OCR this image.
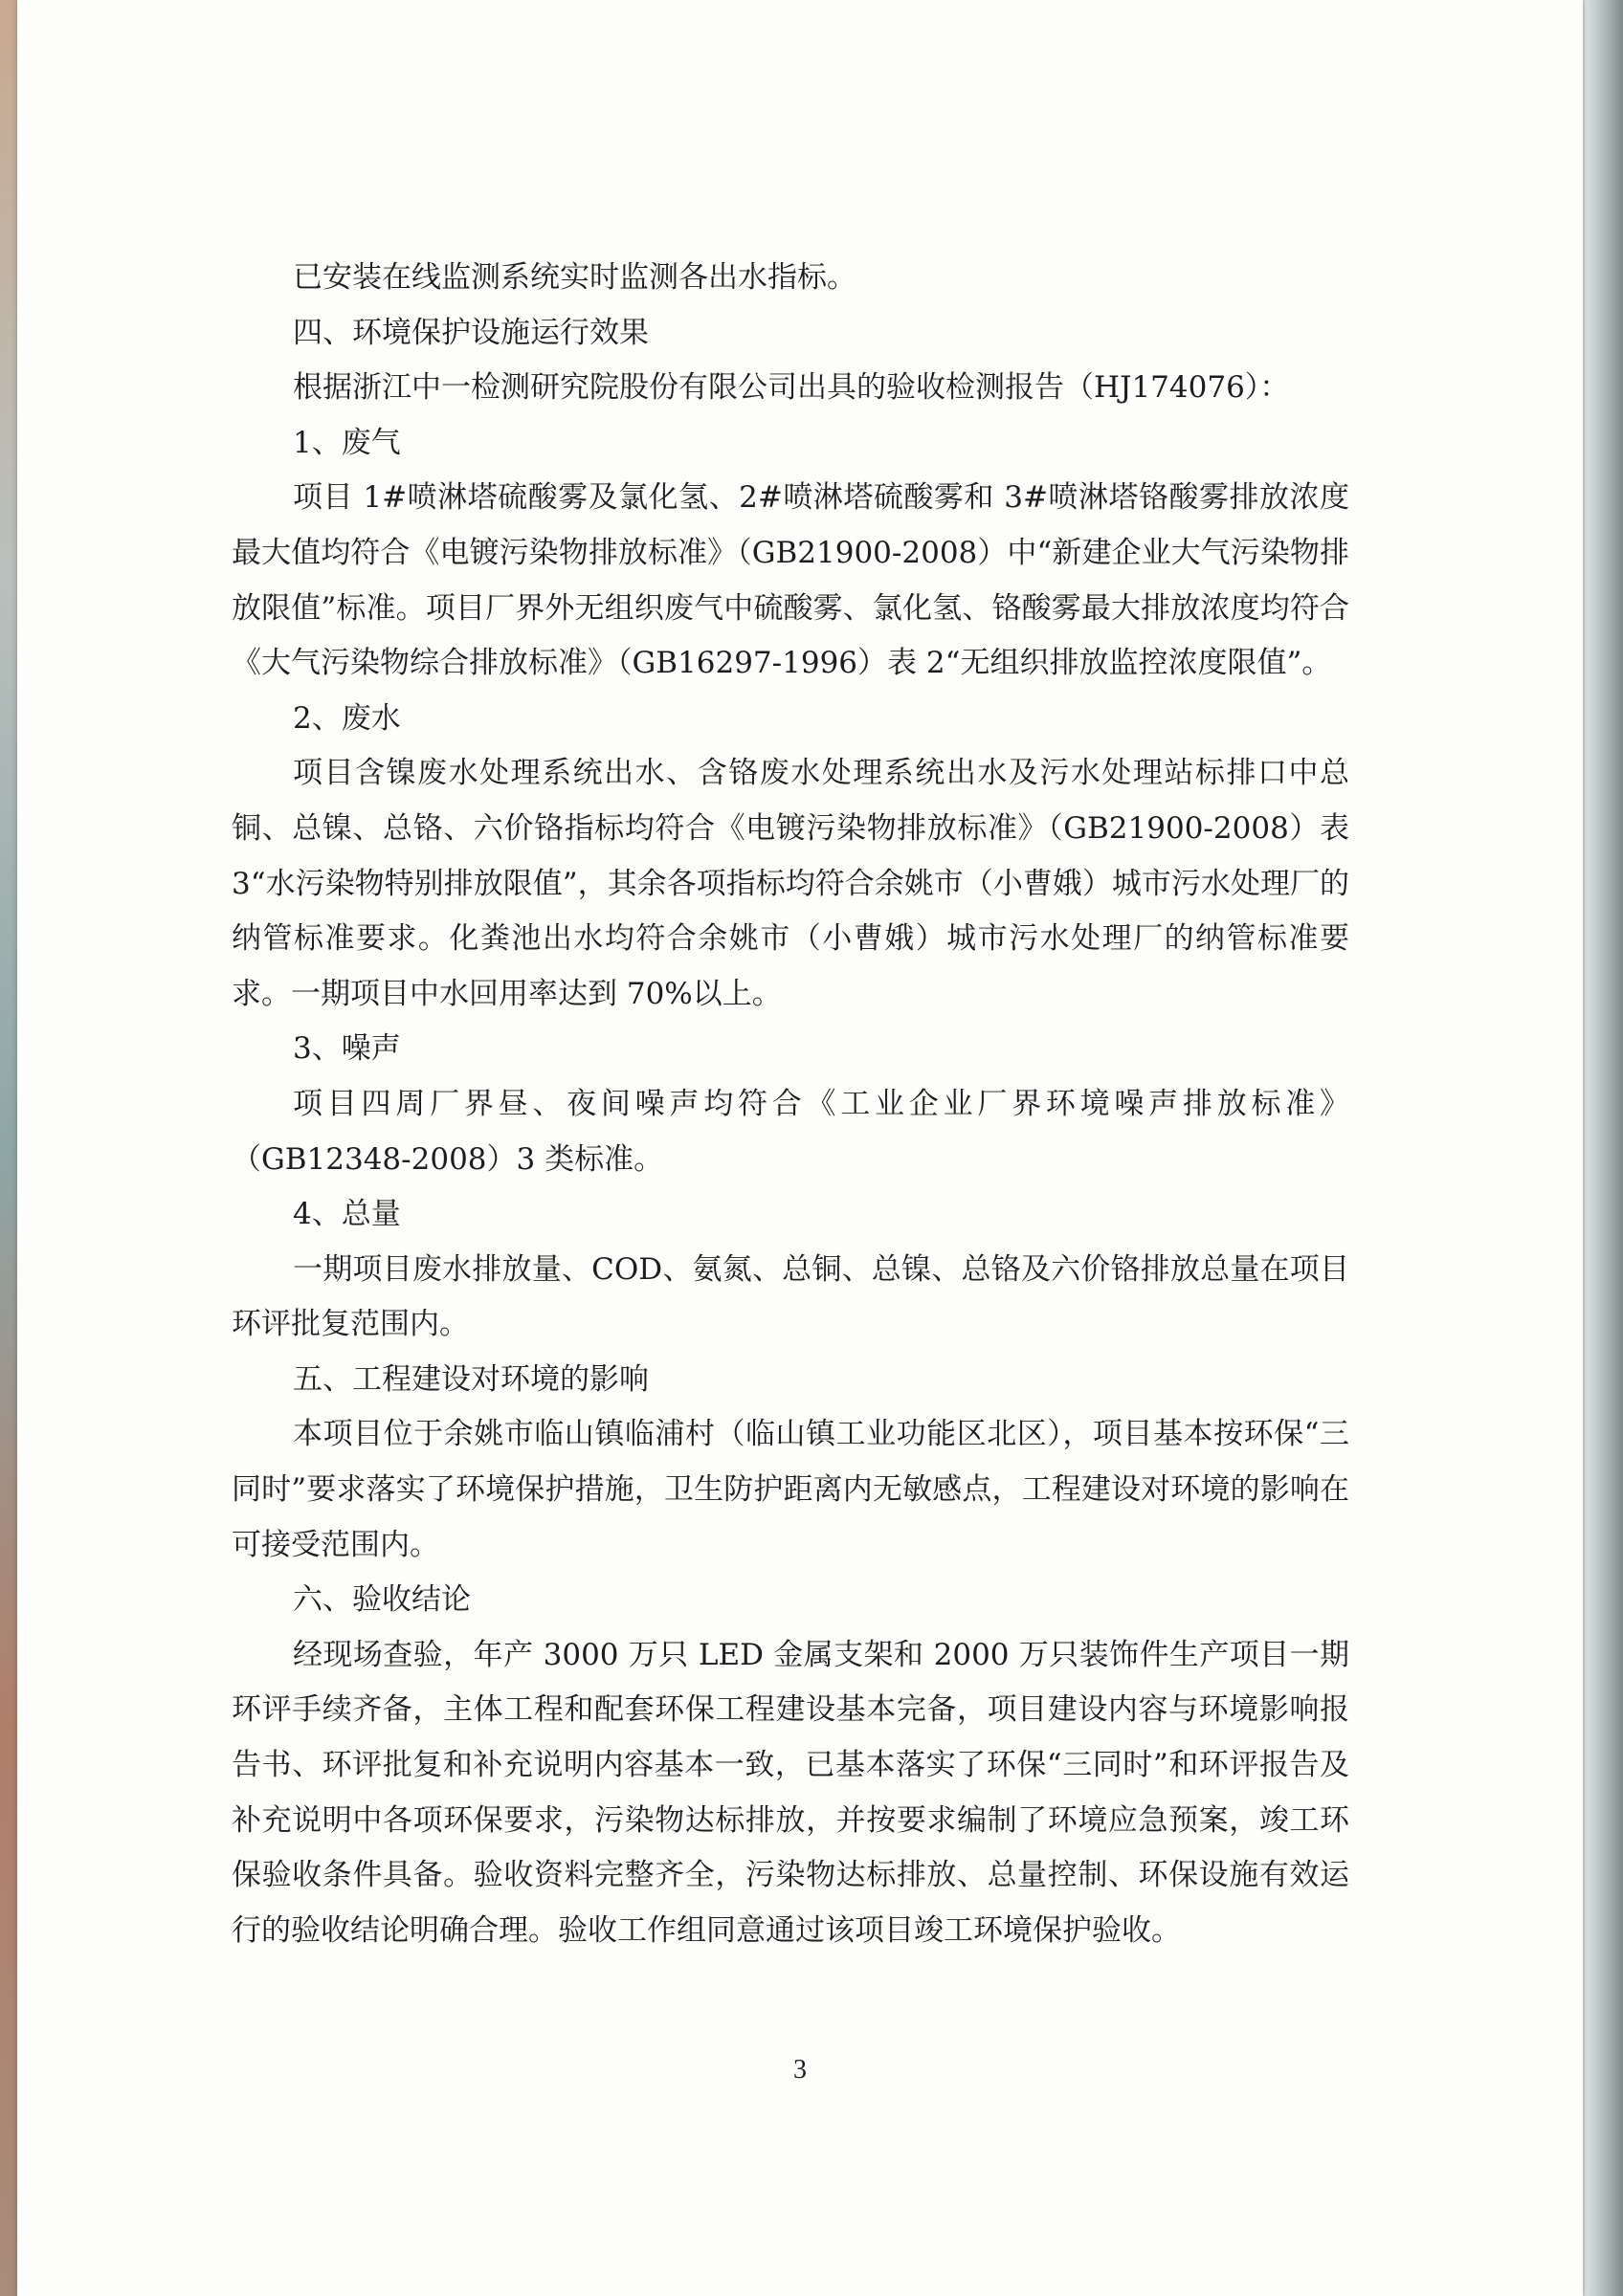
已安装在线监测系统实时监测各出水指标。

四、环境保护设施运行效果

根据浙江中一检测研究院股份有限公司出具的验收检测报告（HJ174076）：

1、废气

项目 1#喷淋塔硫酸雾及氯化氢、2#喷淋塔硫酸雾和 3#喷淋塔铬酸雾排放浓度最大值均符合《电镀污染物排放标准》（GB21900-2008）中“新建企业大气污染物排放限值”标准。项目厂界外无组织废气中硫酸雾、氯化氢、铬酸雾最大排放浓度均符合《大气污染物综合排放标准》（GB16297-1996）表 2“无组织排放监控浓度限值”。

2、废水

项目含镍废水处理系统出水、含铬废水处理系统出水及污水处理站标排口中总铜、总镍、总铬、六价铬指标均符合《电镀污染物排放标准》（GB21900-2008）表 3“水污染物特别排放限值”，其余各项指标均符合余姚市（小曹娥）城市污水处理厂的纳管标准要求。化粪池出水均符合余姚市（小曹娥）城市污水处理厂的纳管标准要求。一期项目中水回用率达到 70%以上。

3、噪声

项目四周厂界昼、夜间噪声均符合《工业企业厂界环境噪声排放标准》（GB12348-2008）3 类标准。

4、总量

一期项目废水排放量、COD、氨氮、总铜、总镍、总铬及六价铬排放总量在项目环评批复范围内。

五、工程建设对环境的影响

本项目位于余姚市临山镇临浦村（临山镇工业功能区北区），项目基本按环保“三同时”要求落实了环境保护措施，卫生防护距离内无敏感点，工程建设对环境的影响在可接受范围内。

六、验收结论

经现场查验，年产 3000 万只 LED 金属支架和 2000 万只装饰件生产项目一期环评手续齐备，主体工程和配套环保工程建设基本完备，项目建设内容与环境影响报告书、环评批复和补充说明内容基本一致，已基本落实了环保“三同时”和环评报告及补充说明中各项环保要求，污染物达标排放，并按要求编制了环境应急预案，竣工环保验收条件具备。验收资料完整齐全，污染物达标排放、总量控制、环保设施有效运行的验收结论明确合理。验收工作组同意通过该项目竣工环境保护验收。

3
